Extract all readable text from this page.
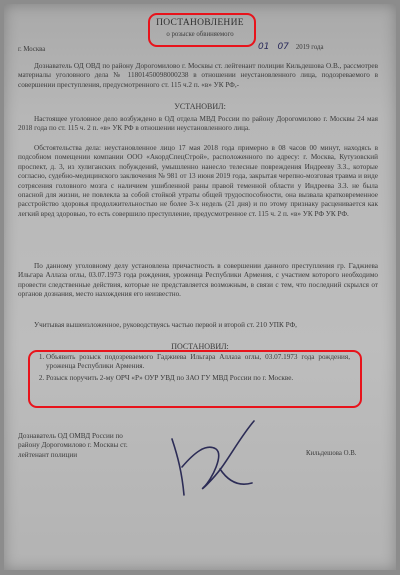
ПОСТАНОВЛЕНИЕ
о розыске обвиняемого
г. Москва	01 07 2019 года
Дознаватель ОД ОВД по району Дорогомилово г. Москвы ст. лейтенант полиции Кильдешова О.В., рассмотрев материалы уголовного дела № 11801450098000238 в отношении неустановленного лица, подозреваемого в совершении преступления, предусмотренного ст. 115 ч.2 п. «в» УК РФ,-
УСТАНОВИЛ:
Настоящее уголовное дело возбуждено в ОД отдела МВД России по району Дорогомилово г. Москвы 24 мая 2018 года по ст. 115 ч. 2 п. «в» УК РФ в отношении неустановленного лица.
Обстоятельства дела: неустановленное лицо 17 мая 2018 года примерно в 08 часов 00 минут, находясь в подсобном помещении компании ООО «АкордСпецСтрой», расположенного по адресу: г. Москва, Кутузовский проспект, д. 3, из хулиганских побуждений, умышленно нанесло телесные повреждения Индрееву З.З., которые согласно, судебно-медицинского заключения № 981 от 13 июня 2019 года, закрытая черепно-мозговая травма и виде сотрясения головного мозга с наличием ушибленной раны правой теменной области у Индреева З.З. не была опасной для жизни, не повлекла за собой стойкой утраты общей трудоспособности, она вызвала кратковременное расстройство здоровья продолжительностью не более 3-х недель (21 дня) и по этому признаку расценивается как легкий вред здоровью, то есть совершило преступление, предусмотренное ст. 115 ч. 2 п. «в» УК РФ УК РФ.
По данному уголовному делу установлена причастность в совершении данного преступления гр. Гаджиева Ильгара Аллаза оглы, 03.07.1973 года рождения, уроженца Республики Армения, с участием которого необходимо провести следственные действия, которые не представляется возможным, в связи с тем, что последний скрылся от органов дознания, место нахождения его неизвестно.
Учитывая вышеизложенное, руководствуясь частью первой и второй ст. 210 УПК РФ,
ПОСТАНОВИЛ:
1. Объявить розыск подозреваемого Гаджиева Ильгара Аллаза оглы, 03.07.1973 года рождения, уроженца Республики Армения.
2. Розыск поручить 2-му ОРЧ «Р» ОУР УВД по ЗАО ГУ МВД России по г. Москве.
Дознаватель ОД ОМВД России по району Дорогомилово г. Москвы ст. лейтенант полиции	Кильдешова О.В.
